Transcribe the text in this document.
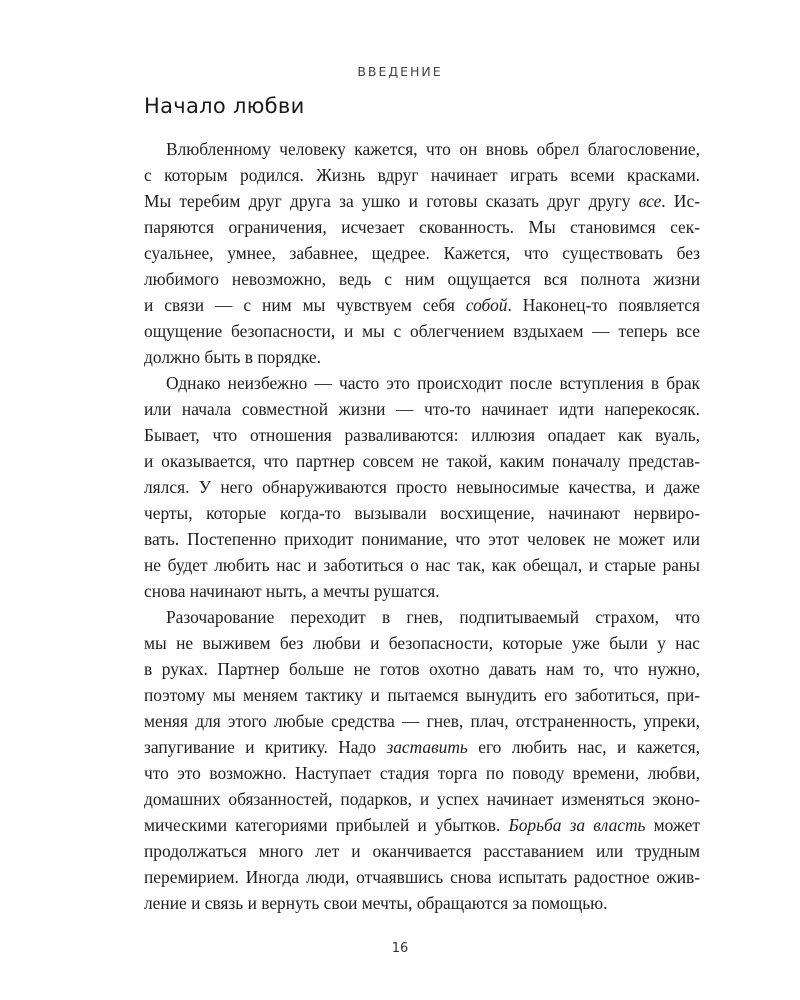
ВВЕДЕНИЕ
Начало любви
Влюбленному человеку кажется, что он вновь обрел благословение,
с которым родился. Жизнь вдруг начинает играть всеми красками.
Мы теребим друг друга за ушко и готовы сказать друг другу все. Ис-
паряются ограничения, исчезает скованность. Мы становимся сек-
суальнее, умнее, забавнее, щедрее. Кажется, что существовать без
любимого невозможно, ведь с ним ощущается вся полнота жизни
и связи — с ним мы чувствуем себя собой. Наконец-то появляется
ощущение безопасности, и мы с облегчением вздыхаем — теперь все
должно быть в порядке.
Однако неизбежно — часто это происходит после вступления в брак
или начала совместной жизни — что-то начинает идти наперекосяк.
Бывает, что отношения разваливаются: иллюзия опадает как вуаль,
и оказывается, что партнер совсем не такой, каким поначалу представ-
лялся. У него обнаруживаются просто невыносимые качества, и даже
черты, которые когда-то вызывали восхищение, начинают нервиро-
вать. Постепенно приходит понимание, что этот человек не может или
не будет любить нас и заботиться о нас так, как обещал, и старые раны
снова начинают ныть, а мечты рушатся.
Разочарование переходит в гнев, подпитываемый страхом, что
мы не выживем без любви и безопасности, которые уже были у нас
в руках. Партнер больше не готов охотно давать нам то, что нужно,
поэтому мы меняем тактику и пытаемся вынудить его заботиться, при-
меняя для этого любые средства — гнев, плач, отстраненность, упреки,
запугивание и критику. Надо заставить его любить нас, и кажется,
что это возможно. Наступает стадия торга по поводу времени, любви,
домашних обязанностей, подарков, и успех начинает изменяться эконо-
мическими категориями прибылей и убытков. Борьба за власть может
продолжаться много лет и оканчивается расставанием или трудным
перемирием. Иногда люди, отчаявшись снова испытать радостное ожив-
ление и связь и вернуть свои мечты, обращаются за помощью.
16
